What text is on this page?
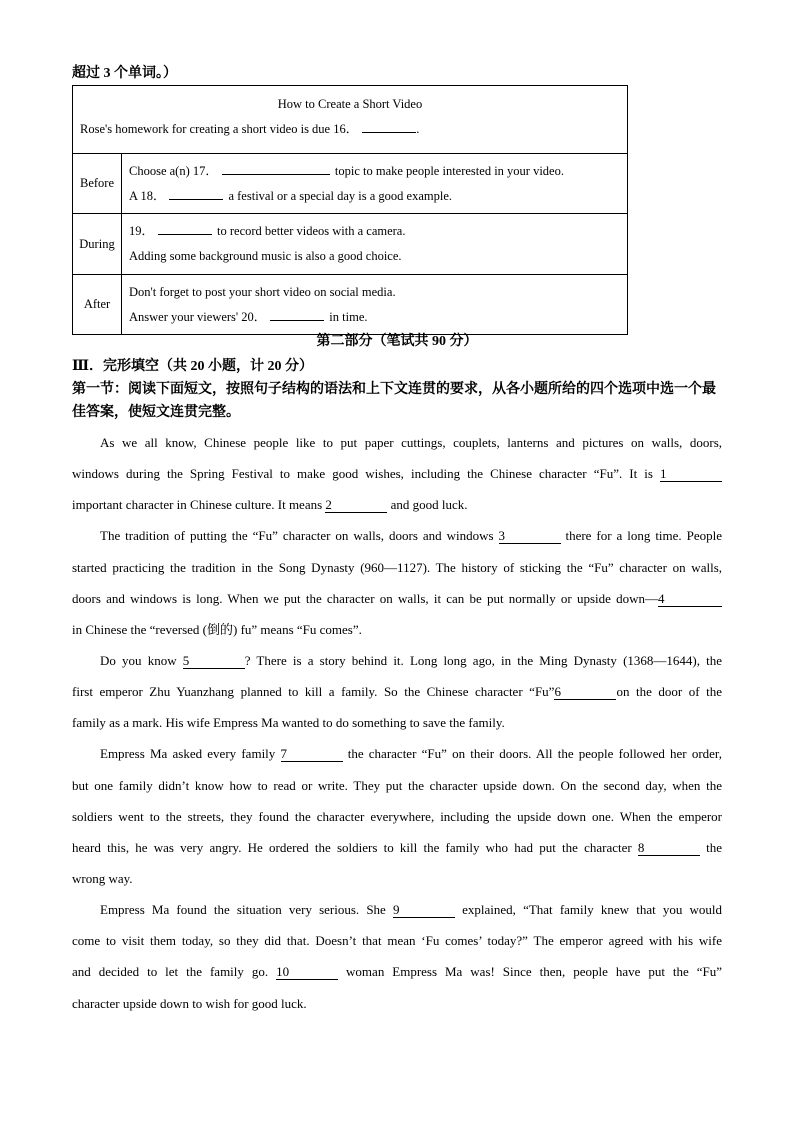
超过 3 个单词。）
How to Create a Short Video
Rose's homework for creating a short video is due 16． .	

Before	Choose a(n) 17． topic to make people interested in your video.
A 18． a festival or a special day is a good example.

During	19． to record better videos with a camera.
Adding some background music is also a good choice.

After	Don't forget to post your short video on social media.
Answer your viewers' 20． in time.
第二部分（笔试共 90 分）
Ⅲ．完形填空（共 20 小题，计 20 分）
第一节：阅读下面短文，按照句子结构的语法和上下文连贯的要求，从各小题所给的四个选项中选一个最佳答案，使短文连贯完整。
As we all know, Chinese people like to put paper cuttings, couplets, lanterns and pictures on walls, doors,
windows during the Spring Festival to make good wishes, including the Chinese character “Fu”. It is 1
important character in Chinese culture. It means 2	and good luck.
The tradition of putting the “Fu” character on walls, doors and windows 3	there for a long time. People
started practicing the tradition in the Song Dynasty (960—1127). The history of sticking the “Fu” character on walls,
doors and windows is long. When we put the character on walls, it can be put normally or upside down—4
in Chinese the “reversed (倒的) fu” means “Fu comes”.
Do you know 5	? There is a story behind it. Long long ago, in the Ming Dynasty (1368—1644), the
first emperor Zhu Yuanzhang planned to kill a family. So the Chinese character “Fu”6	on the door of the
family as a mark. His wife Empress Ma wanted to do something to save the family.
Empress Ma asked every family 7	the character “Fu” on their doors. All the people followed her order,
but one family didn’t know how to read or write. They put the character upside down. On the second day, when the
soldiers went to the streets, they found the character everywhere, including the upside down one. When the emperor
heard this, he was very angry. He ordered the soldiers to kill the family who had put the character 8	the
wrong way.
Empress Ma found the situation very serious. She 9	explained, “That family knew that you would
come to visit them today, so they did that. Doesn’t that mean ‘Fu comes’ today?” The emperor agreed with his wife
and decided to let the family go. 10	woman Empress Ma was! Since then, people have put the “Fu”
character upside down to wish for good luck.
